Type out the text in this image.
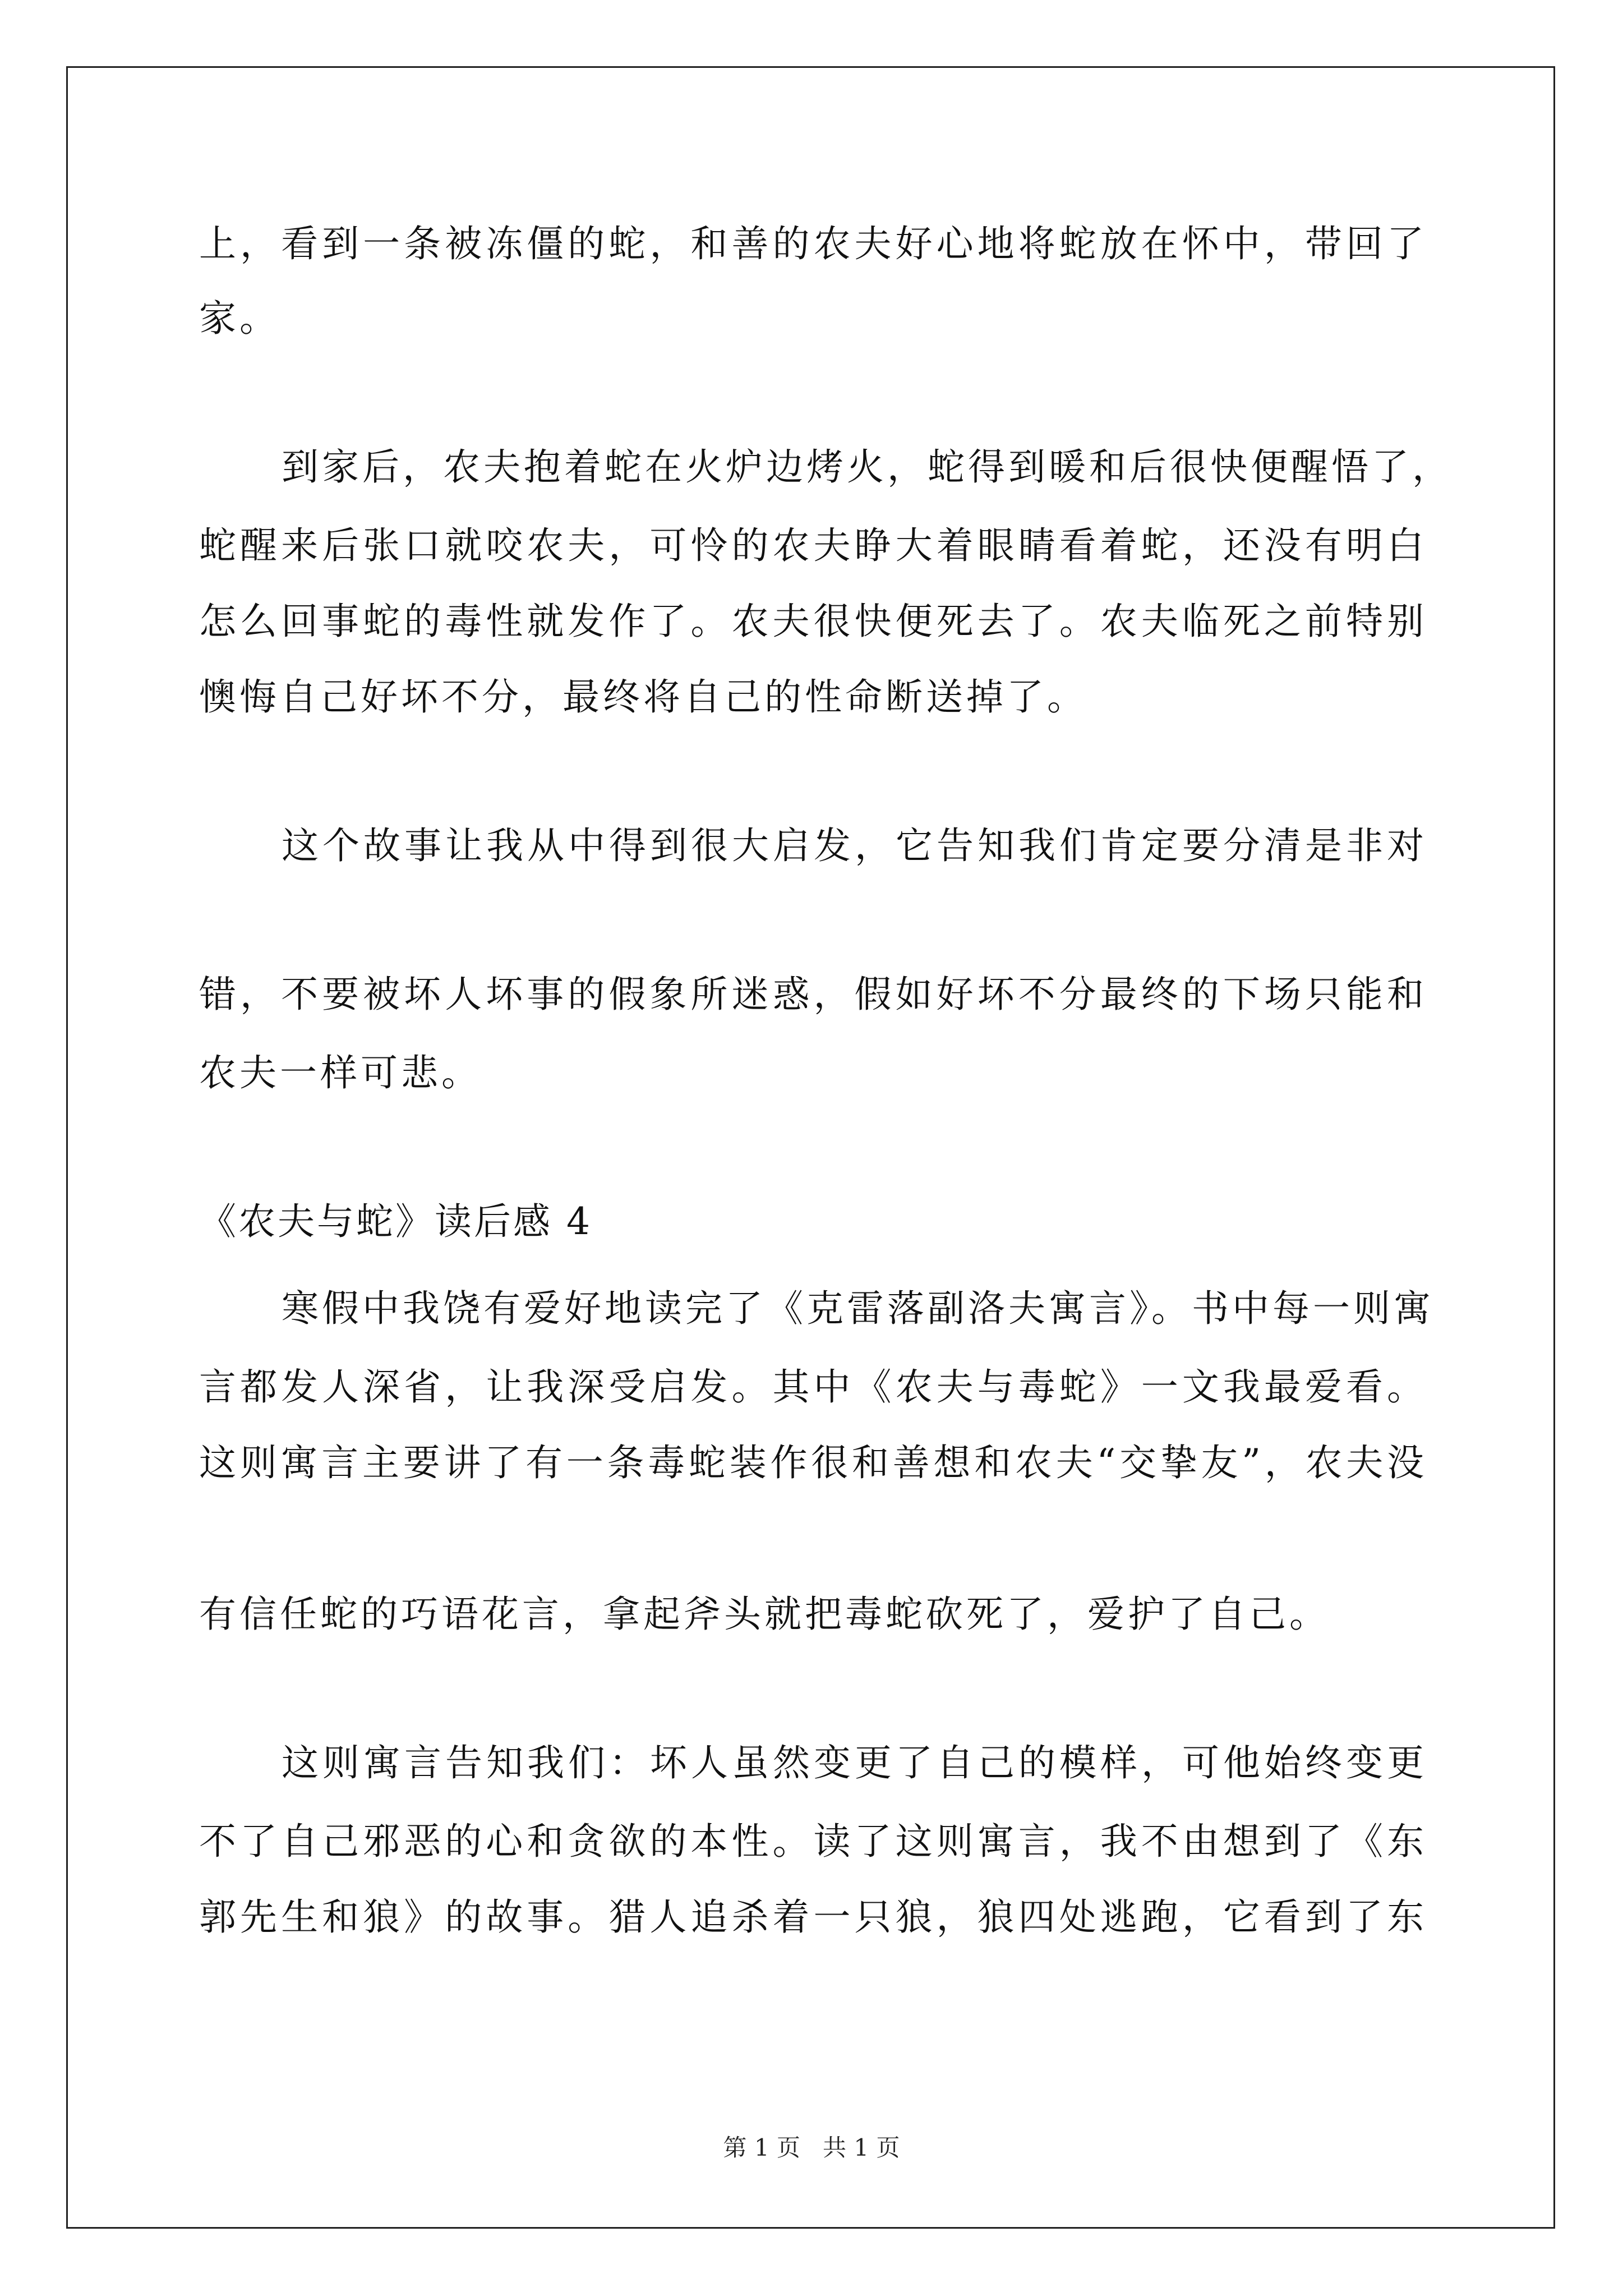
上，看到一条被冻僵的蛇，和善的农夫好心地将蛇放在怀中，带回了
家。
到家后，农夫抱着蛇在火炉边烤火，蛇得到暖和后很快便醒悟了，
蛇醒来后张口就咬农夫，可怜的农夫睁大着眼睛看着蛇，还没有明白
怎么回事蛇的毒性就发作了。农夫很快便死去了。农夫临死之前特别
懊悔自己好坏不分，最终将自己的性命断送掉了。
这个故事让我从中得到很大启发，它告知我们肯定要分清是非对
错，不要被坏人坏事的假象所迷惑，假如好坏不分最终的下场只能和
农夫一样可悲。
《农夫与蛇》读后感 4
寒假中我饶有爱好地读完了《克雷落副洛夫寓言》。书中每一则寓
言都发人深省，让我深受启发。其中《农夫与毒蛇》一文我最爱看。
这则寓言主要讲了有一条毒蛇装作很和善想和农夫“交挚友”，农夫没
有信任蛇的巧语花言，拿起斧头就把毒蛇砍死了，爱护了自己。
这则寓言告知我们：坏人虽然变更了自己的模样，可他始终变更
不了自己邪恶的心和贪欲的本性。读了这则寓言，我不由想到了《东
郭先生和狼》的故事。猎人追杀着一只狼，狼四处逃跑，它看到了东
第 1 页 共 1 页
